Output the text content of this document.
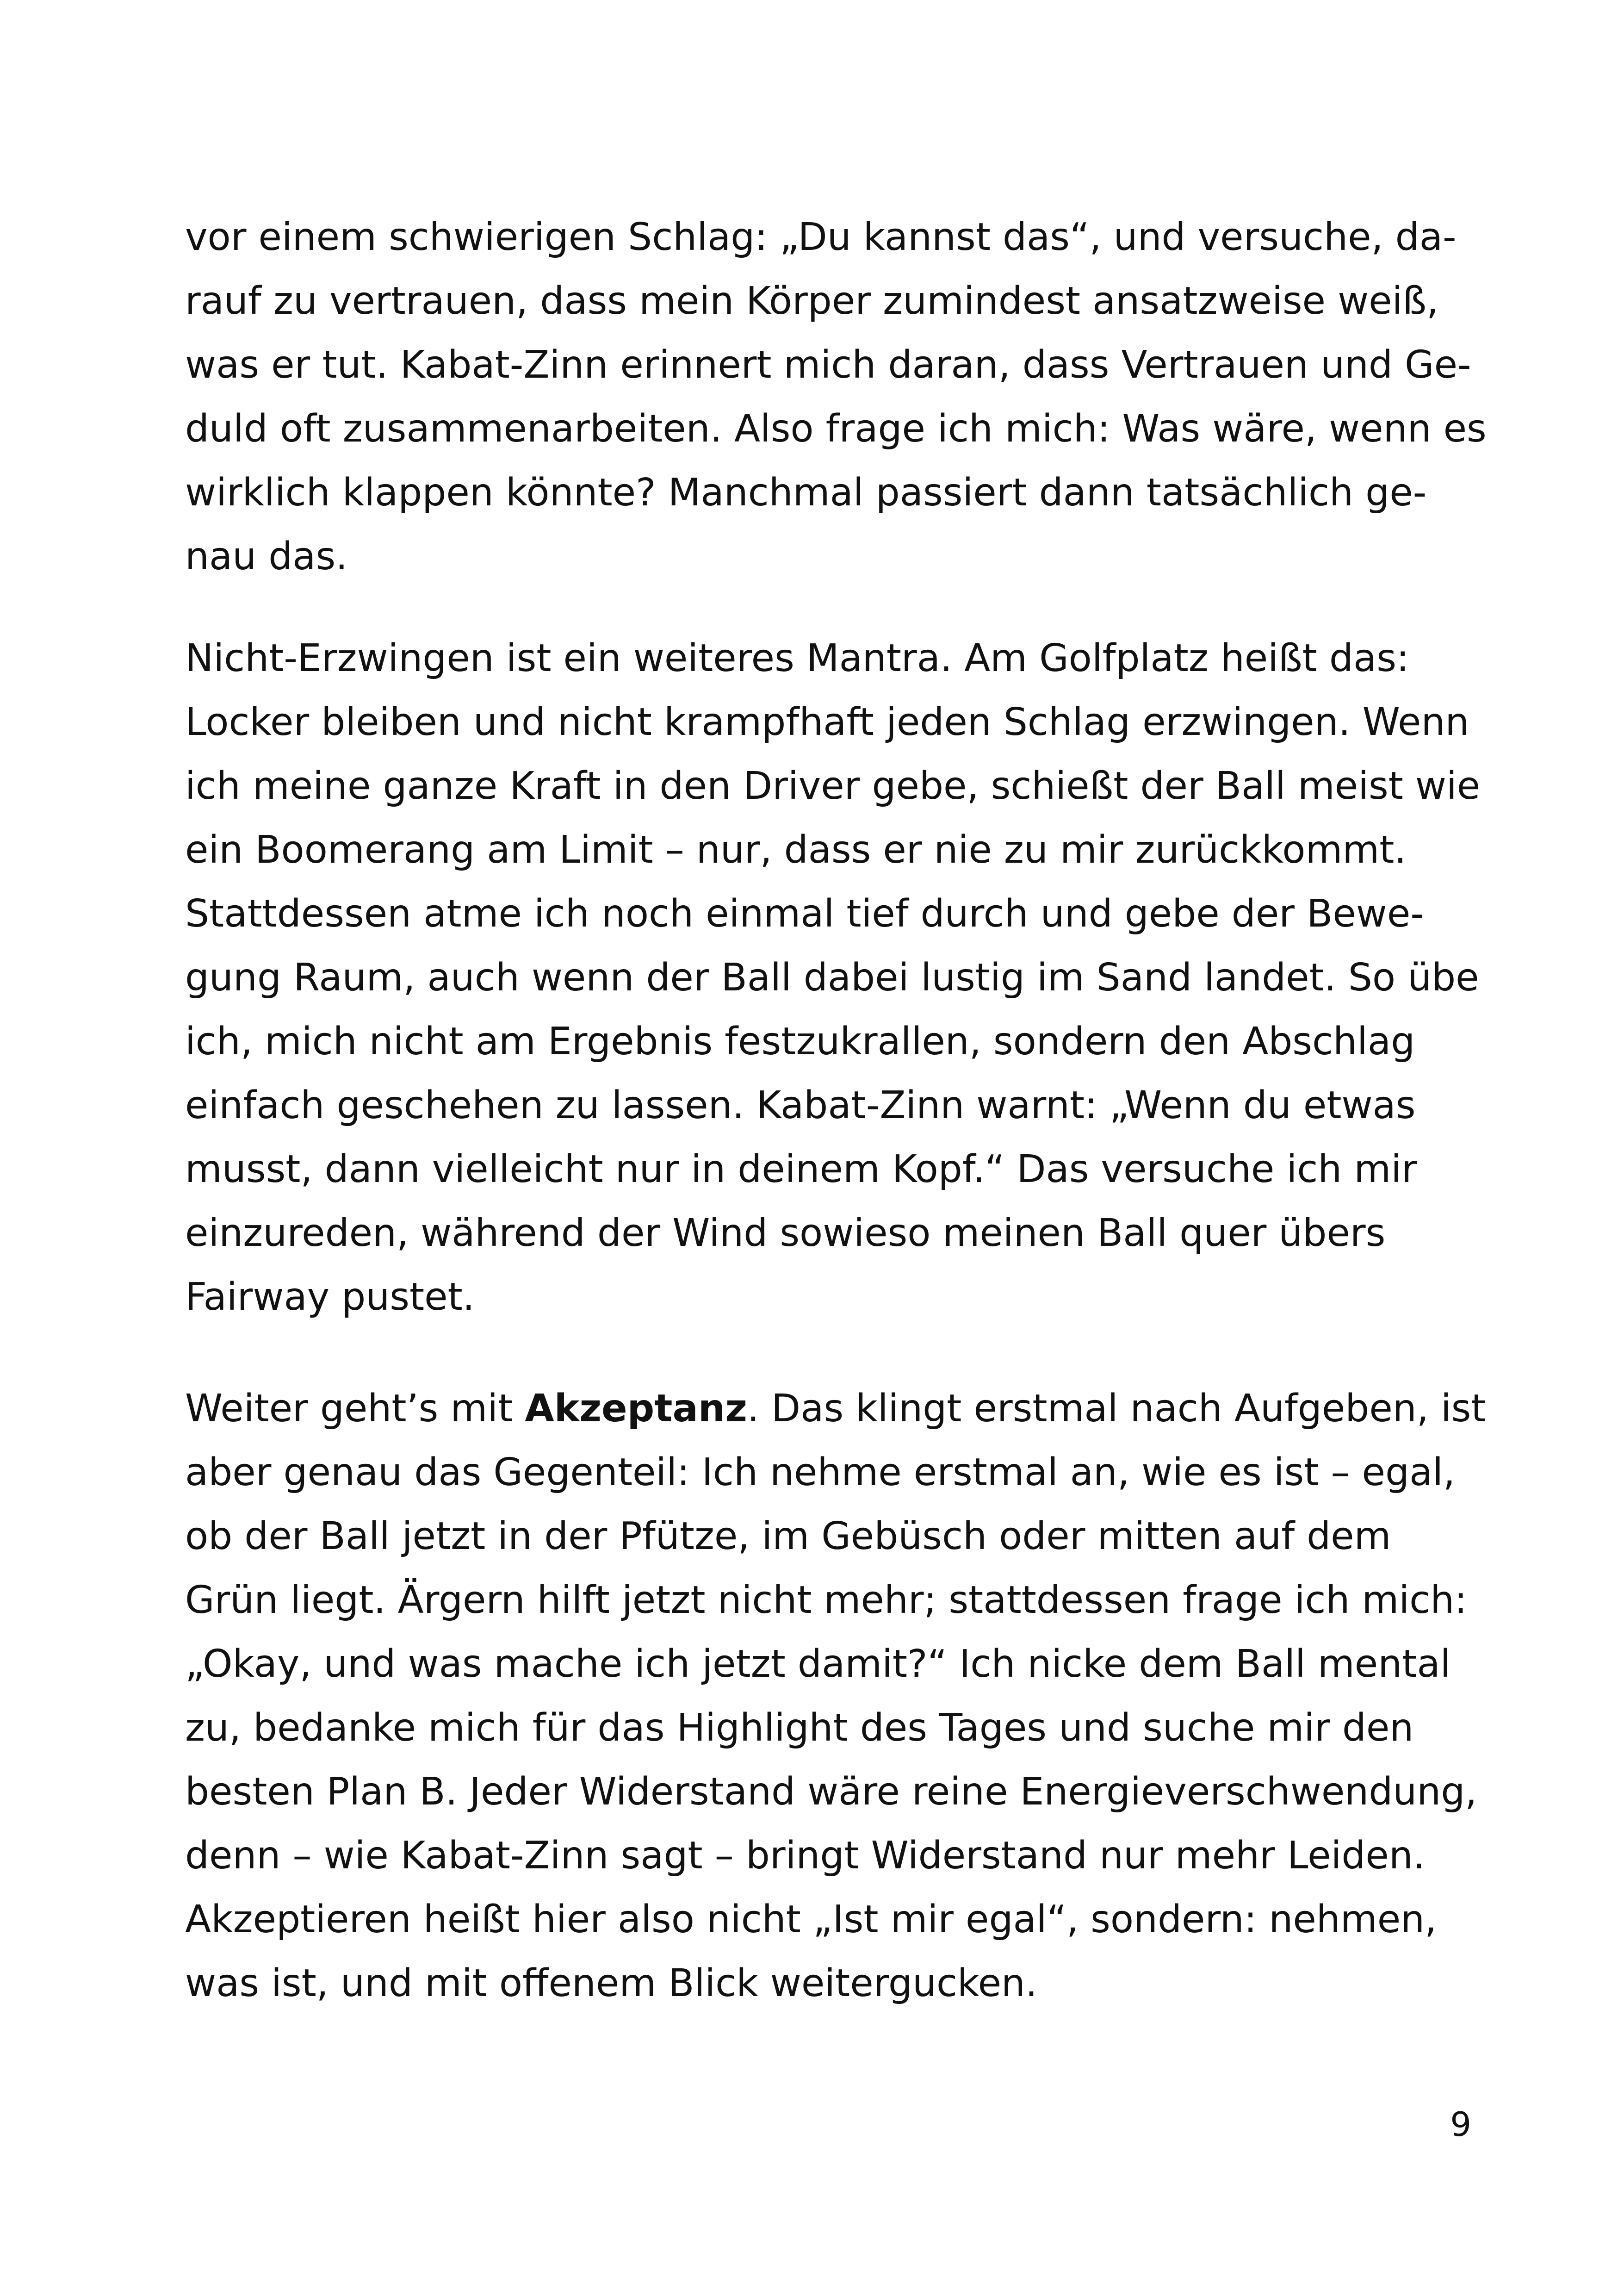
vor einem schwierigen Schlag: „Du kannst das“, und versuche, da-
rauf zu vertrauen, dass mein Körper zumindest ansatzweise weiß,
was er tut. Kabat-Zinn erinnert mich daran, dass Vertrauen und Ge-
duld oft zusammenarbeiten. Also frage ich mich: Was wäre, wenn es
wirklich klappen könnte? Manchmal passiert dann tatsächlich ge-
nau das.
Nicht-Erzwingen ist ein weiteres Mantra. Am Golfplatz heißt das:
Locker bleiben und nicht krampfhaft jeden Schlag erzwingen. Wenn
ich meine ganze Kraft in den Driver gebe, schießt der Ball meist wie
ein Boomerang am Limit – nur, dass er nie zu mir zurückkommt.
Stattdessen atme ich noch einmal tief durch und gebe der Bewe-
gung Raum, auch wenn der Ball dabei lustig im Sand landet. So übe
ich, mich nicht am Ergebnis festzukrallen, sondern den Abschlag
einfach geschehen zu lassen. Kabat-Zinn warnt: „Wenn du etwas
musst, dann vielleicht nur in deinem Kopf.“ Das versuche ich mir
einzureden, während der Wind sowieso meinen Ball quer übers
Fairway pustet.
Weiter geht’s mit Akzeptanz. Das klingt erstmal nach Aufgeben, ist
aber genau das Gegenteil: Ich nehme erstmal an, wie es ist – egal,
ob der Ball jetzt in der Pfütze, im Gebüsch oder mitten auf dem
Grün liegt. Ärgern hilft jetzt nicht mehr; stattdessen frage ich mich:
„Okay, und was mache ich jetzt damit?“ Ich nicke dem Ball mental
zu, bedanke mich für das Highlight des Tages und suche mir den
besten Plan B. Jeder Widerstand wäre reine Energieverschwendung,
denn – wie Kabat-Zinn sagt – bringt Widerstand nur mehr Leiden.
Akzeptieren heißt hier also nicht „Ist mir egal“, sondern: nehmen,
was ist, und mit offenem Blick weitergucken.
9
